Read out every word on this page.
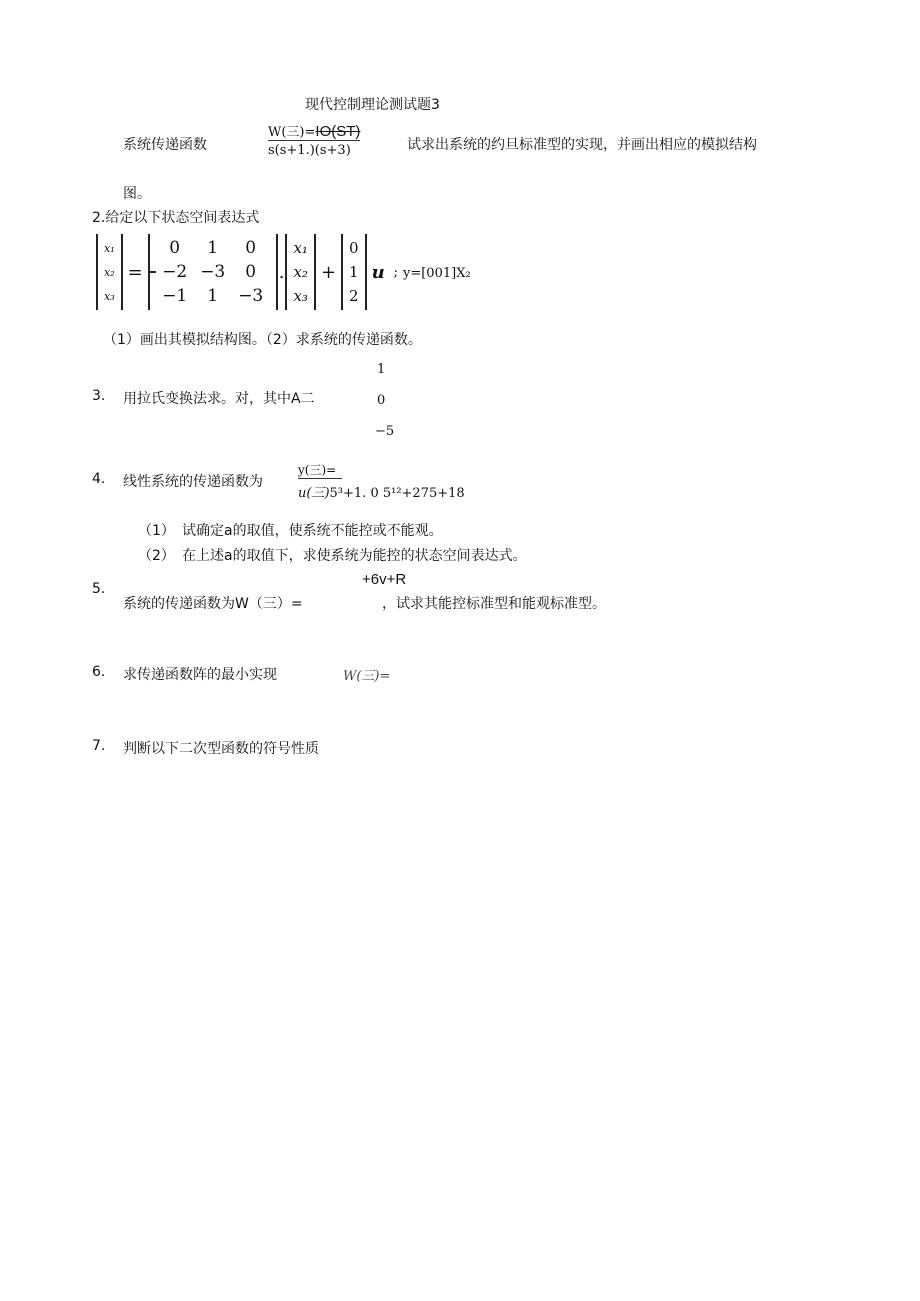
现代控制理论测试题3
系统传递函数
W(三)=IO(ST)
s(s+1.)(s+3)	试求出系统的约旦标准型的实现，并画出相应的模拟结构
图。
2.给定以下状态空间表达式
x₁
x₂
x₃
=
0	1	0
−2 −3	0
−1	1	−3
.
x₁
x₂
x₃
+
0
1
2
u ; y=[001]X₂
（1）画出其模拟结构图。（2）求系统的传递函数。
1
3. 用拉氏变换法求。对，其中A二	0
−5
4. 线性系统的传递函数为
y(三)=
u(三)5³+1. 0 5¹²+275+18
（1） 试确定a的取值，使系统不能控或不能观。
（2） 在上述a的取值下，求使系统为能控的状态空间表达式。
+6v+R
5.
系统的传递函数为W（三）=	，试求其能控标准型和能观标准型。
6. 求传递函数阵的最小实现	W(三)=
7. 判断以下二次型函数的符号性质
